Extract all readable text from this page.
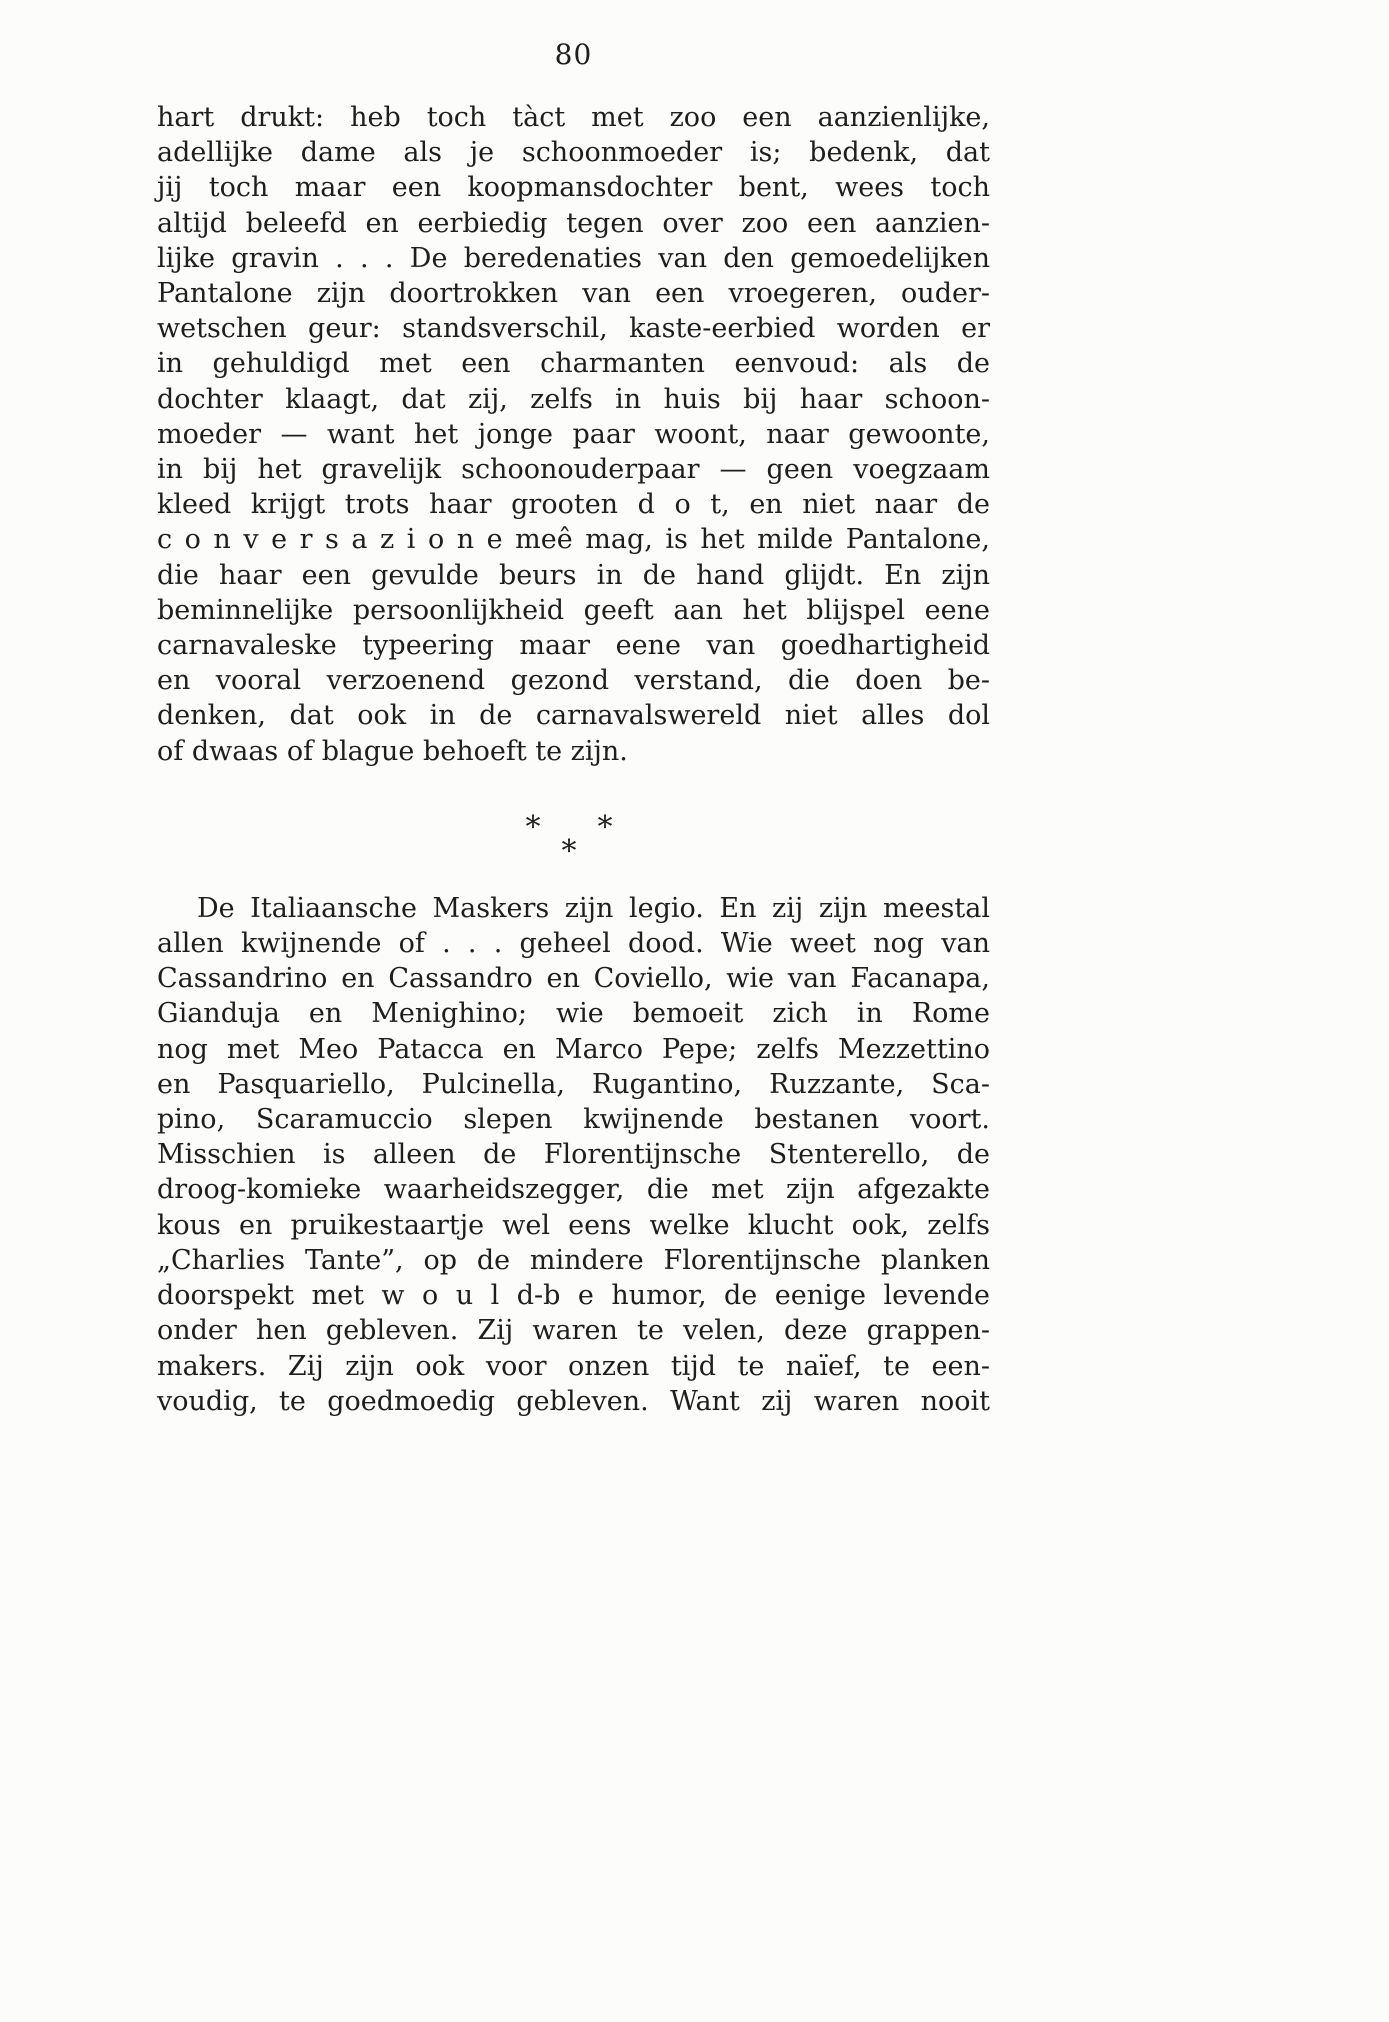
80
hart drukt: heb toch tàct met zoo een aanzienlijke,
adellijke dame als je schoonmoeder is; bedenk, dat
jij toch maar een koopmansdochter bent, wees toch
altijd beleefd en eerbiedig tegen over zoo een aanzien-
lijke gravin . . . De beredenaties van den gemoedelijken
Pantalone zijn doortrokken van een vroegeren, ouder-
wetschen geur: standsverschil, kaste-eerbied worden er
in gehuldigd met een charmanten eenvoud: als de
dochter klaagt, dat zij, zelfs in huis bij haar schoon-
moeder — want het jonge paar woont, naar gewoonte,
in bij het gravelijk schoonouderpaar — geen voegzaam
kleed krijgt trots haar grooten d o t, en niet naar de
c o n v e r s a z i o n e meê mag, is het milde Pantalone,
die haar een gevulde beurs in de hand glijdt. En zijn
beminnelijke persoonlijkheid geeft aan het blijspel eene
carnavaleske typeering maar eene van goedhartigheid
en vooral verzoenend gezond verstand, die doen be-
denken, dat ook in de carnavalswereld niet alles dol
of dwaas of blague behoeft te zijn.
*
*
*
De Italiaansche Maskers zijn legio. En zij zijn meestal
allen kwijnende of . . . geheel dood. Wie weet nog van
Cassandrino en Cassandro en Coviello, wie van Facanapa,
Gianduja en Menighino; wie bemoeit zich in Rome
nog met Meo Patacca en Marco Pepe; zelfs Mezzettino
en Pasquariello, Pulcinella, Rugantino, Ruzzante, Sca-
pino, Scaramuccio slepen kwijnende bestanen voort.
Misschien is alleen de Florentijnsche Stenterello, de
droog-komieke waarheidszegger, die met zijn afgezakte
kous en pruikestaartje wel eens welke klucht ook, zelfs
„Charlies Tante”, op de mindere Florentijnsche planken
doorspekt met w o u l d-b e humor, de eenige levende
onder hen gebleven. Zij waren te velen, deze grappen-
makers. Zij zijn ook voor onzen tijd te naïef, te een-
voudig, te goedmoedig gebleven. Want zij waren nooit
